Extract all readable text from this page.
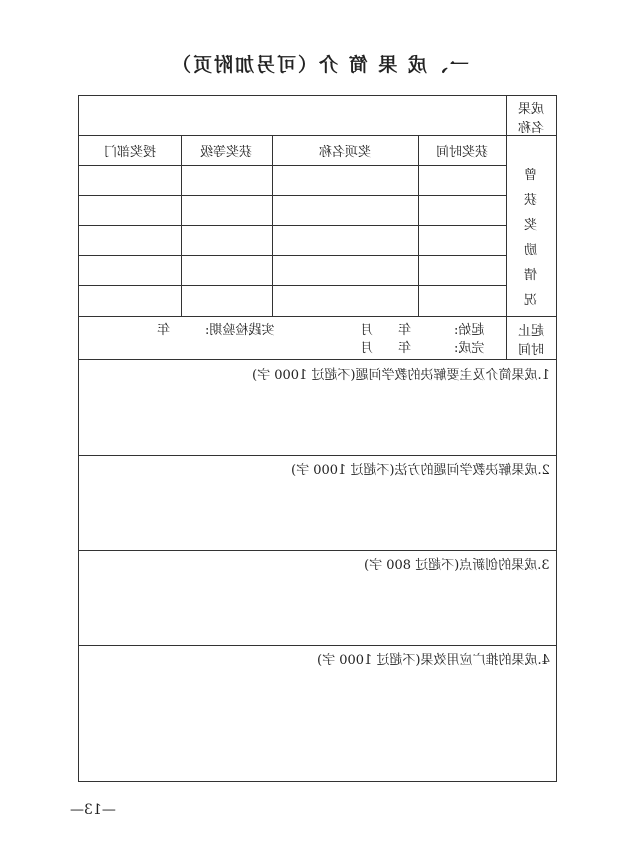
一、成 果 简 介（可另加附页）
成果
名称
曾
获
奖
励
情
况
获奖时间
奖项名称
获奖等级
授奖部门
起止
时间
起始:
完成:
年
年
月
月
实践检验期:
年
1.成果简介及主要解决的教学问题(不超过 1000 字)
2.成果解决教学问题的方法(不超过 1000 字)
3.成果的创新点(不超过 800 字)
4.成果的推广应用效果(不超过 1000 字)
—13—
